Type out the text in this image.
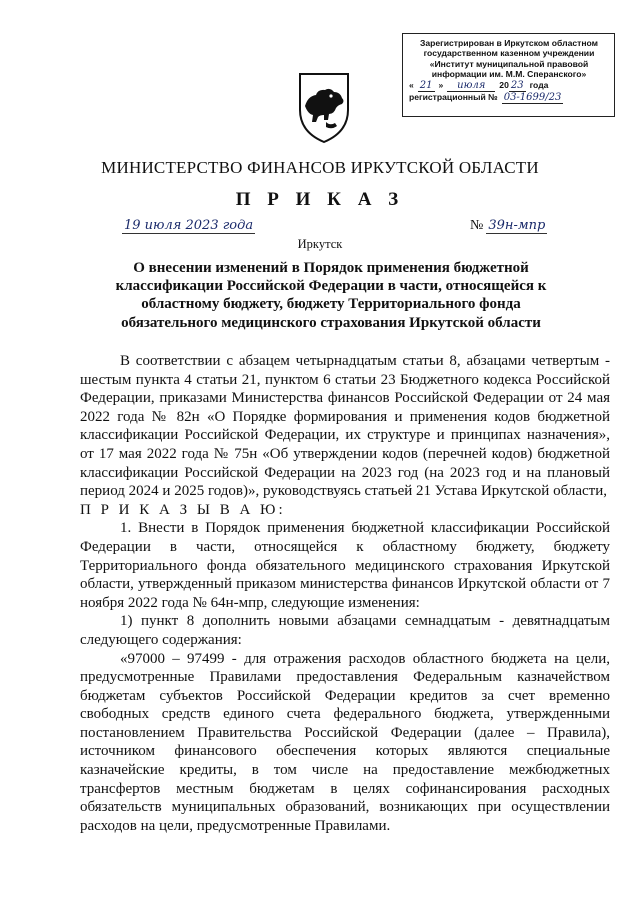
Зарегистрирован в Иркутском областном
государственном казенном учреждении
«Институт муниципальной правовой
информации им. М.М. Сперанского»
« 21 »	июля	20 23 года
регистрационный № 03-1699/23
МИНИСТЕРСТВО ФИНАНСОВ ИРКУТСКОЙ ОБЛАСТИ
П Р И К А З
19 июля 2023 года	№ 39н-мпр
Иркутск
О внесении изменений в Порядок применения бюджетной классификации Российской Федерации в части, относящейся к областному бюджету, бюджету Территориального фонда обязательного медицинского страхования Иркутской области

В соответствии с абзацем четырнадцатым статьи 8, абзацами четвертым - шестым пункта 4 статьи 21, пунктом 6 статьи 23 Бюджетного кодекса Российской Федерации, приказами Министерства финансов Российской Федерации от 24 мая 2022 года № 82н «О Порядке формирования и применения кодов бюджетной классификации Российской Федерации, их структуре и принципах назначения», от 17 мая 2022 года № 75н «Об утверждении кодов (перечней кодов) бюджетной классификации Российской Федерации на 2023 год (на 2023 год и на плановый период 2024 и 2025 годов)», руководствуясь статьей 21 Устава Иркутской области,

П Р И К А З Ы В А Ю:

1. Внести в Порядок применения бюджетной классификации Российской Федерации в части, относящейся к областному бюджету, бюджету Территориального фонда обязательного медицинского страхования Иркутской области, утвержденный приказом министерства финансов Иркутской области от 7 ноября 2022 года № 64н-мпр, следующие изменения:

1) пункт 8 дополнить новыми абзацами семнадцатым - девятнадцатым следующего содержания:

«97000 – 97499 - для отражения расходов областного бюджета на цели, предусмотренные Правилами предоставления Федеральным казначейством бюджетам субъектов Российской Федерации кредитов за счет временно свободных средств единого счета федерального бюджета, утвержденными постановлением Правительства Российской Федерации (далее – Правила), источником финансового обеспечения которых являются специальные казначейские кредиты, в том числе на предоставление межбюджетных трансфертов местным бюджетам в целях софинансирования расходных обязательств муниципальных образований, возникающих при осуществлении расходов на цели, предусмотренные Правилами.
